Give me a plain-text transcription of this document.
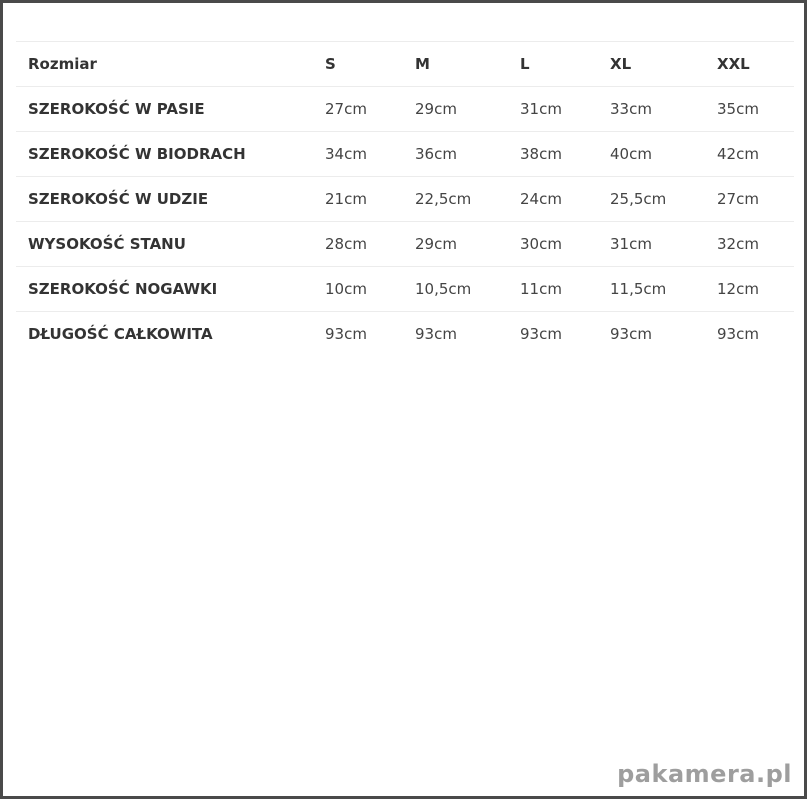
Rozmiar	S	M	L	XL	XXL
SZEROKOŚĆ W PASIE	27cm	29cm	31cm	33cm	35cm
SZEROKOŚĆ W BIODRACH	34cm	36cm	38cm	40cm	42cm
SZEROKOŚĆ W UDZIE	21cm	22,5cm	24cm	25,5cm	27cm
WYSOKOŚĆ STANU	28cm	29cm	30cm	31cm	32cm
SZEROKOŚĆ NOGAWKI	10cm	10,5cm	11cm	11,5cm	12cm
DŁUGOŚĆ CAŁKOWITA	93cm	93cm	93cm	93cm	93cm
pakamera.pl
